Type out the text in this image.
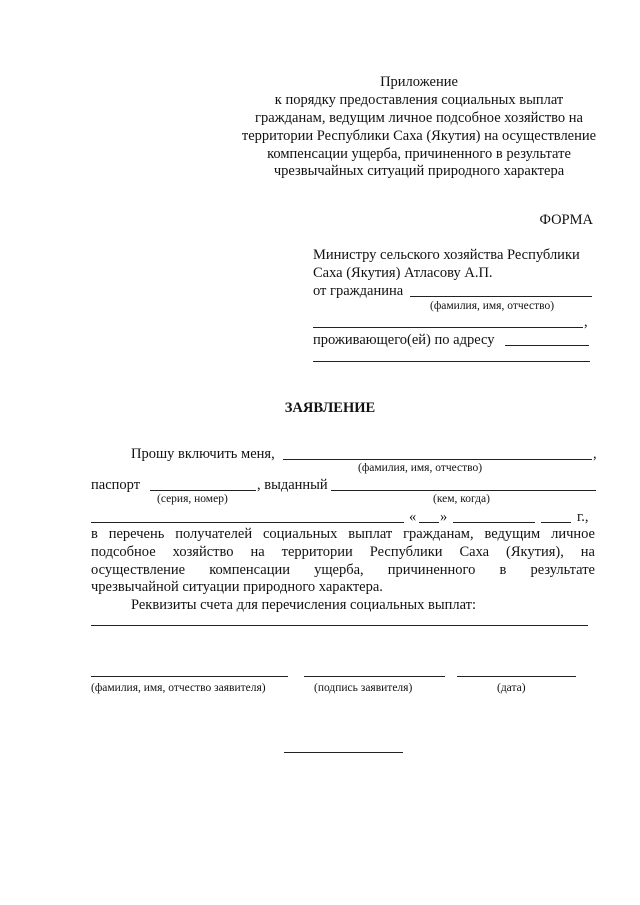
Приложение
к порядку предоставления социальных выплат
гражданам, ведущим личное подсобное хозяйство на
территории Республики Саха (Якутия) на осуществление
компенсации ущерба, причиненного в результате
чрезвычайных ситуаций природного характера
ФОРМА
Министру сельского хозяйства Республики
Саха (Якутия) Атласову А.П.
от гражданина
(фамилия, имя, отчество)
,
проживающего(ей) по адресу
ЗАЯВЛЕНИЕ
Прошу включить меня,	,
(фамилия, имя, отчество)
паспорт	, выданный
(серия, номер)	(кем, когда)
« »	г.,
в перечень получателей социальных выплат гражданам, ведущим личное
подсобное хозяйство на территории Республики Саха (Якутия), на
осуществление компенсации ущерба, причиненного в результате
чрезвычайной ситуации природного характера.
Реквизиты счета для перечисления социальных выплат:
(фамилия, имя, отчество заявителя)	(подпись заявителя)	(дата)
